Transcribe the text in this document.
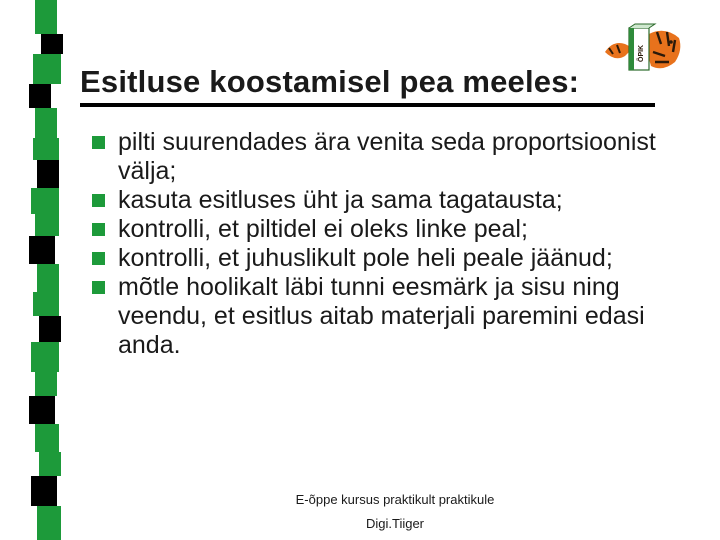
ÕPIK
Esitluse koostamisel pea meeles:
pilti suurendades ära venita seda proportsioonist välja;
kasuta esitluses üht ja sama tagatausta;
kontrolli, et piltidel ei oleks linke peal;
kontrolli, et juhuslikult pole heli peale jäänud;
mõtle hoolikalt läbi tunni eesmärk ja sisu ning veendu, et esitlus aitab materjali paremini edasi anda.
E-õppe kursus praktikult praktikule
Digi.Tiiger
